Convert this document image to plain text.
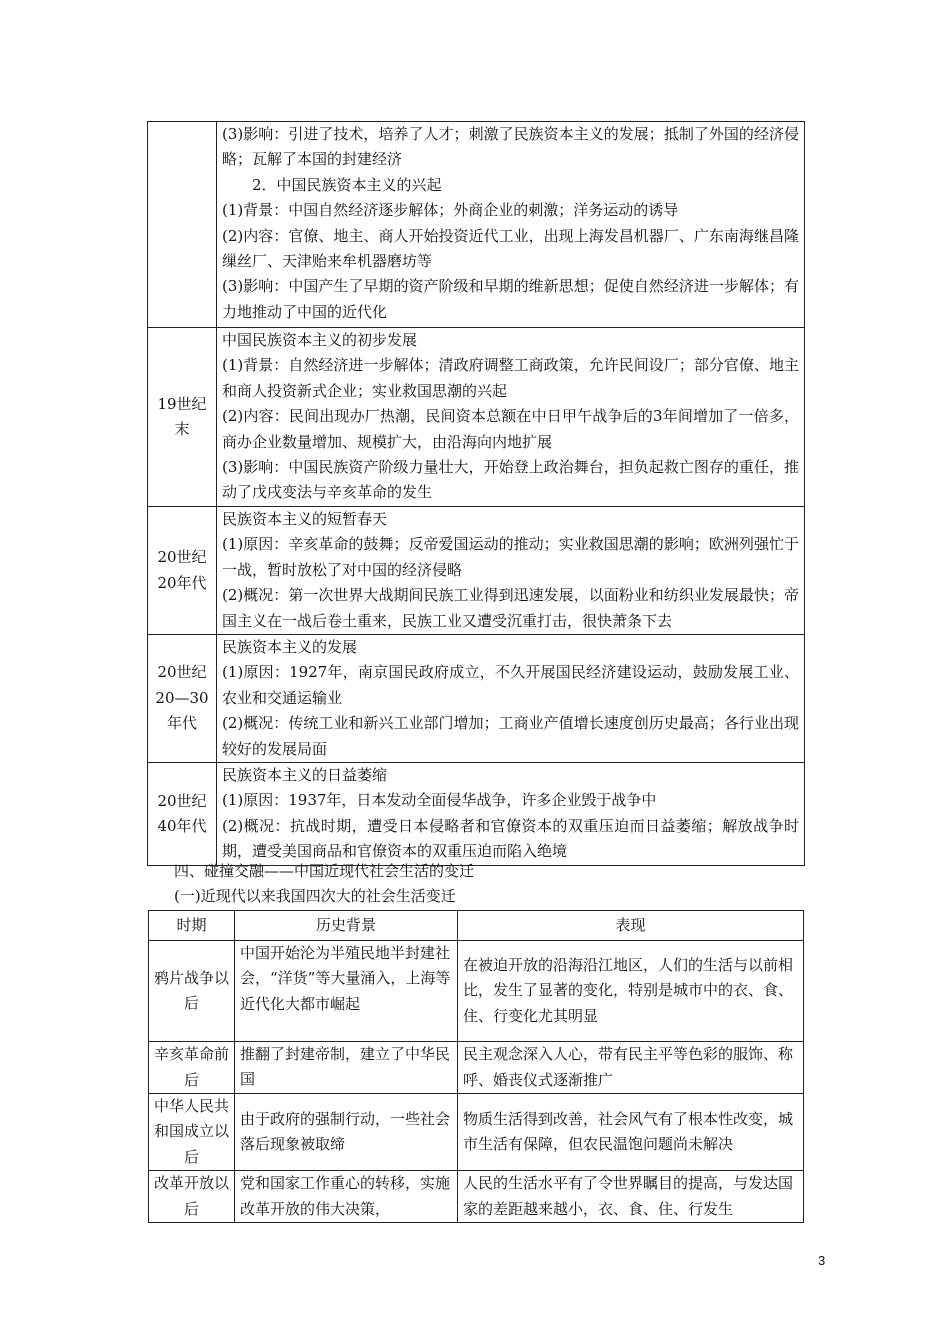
	(3)影响：引进了技术，培养了人才；刺激了民族资本主义的发展；抵制了外国的经济侵略；瓦解了本国的封建经济
2．中国民族资本主义的兴起
(1)背景：中国自然经济逐步解体；外商企业的刺激；洋务运动的诱导
(2)内容：官僚、地主、商人开始投资近代工业，出现上海发昌机器厂、广东南海继昌隆缫丝厂、天津贻来牟机器磨坊等
(3)影响：中国产生了早期的资产阶级和早期的维新思想；促使自然经济进一步解体；有力地推动了中国的近代化

19世纪末	中国民族资本主义的初步发展
(1)背景：自然经济进一步解体；清政府调整工商政策，允许民间设厂；部分官僚、地主和商人投资新式企业；实业救国思潮的兴起
(2)内容：民间出现办厂热潮，民间资本总额在中日甲午战争后的3年间增加了一倍多，商办企业数量增加、规模扩大，由沿海向内地扩展
(3)影响：中国民族资产阶级力量壮大，开始登上政治舞台，担负起救亡图存的重任，推动了戊戌变法与辛亥革命的发生

20世纪20年代	民族资本主义的短暂春天
(1)原因：辛亥革命的鼓舞；反帝爱国运动的推动；实业救国思潮的影响；欧洲列强忙于一战，暂时放松了对中国的经济侵略
(2)概况：第一次世界大战期间民族工业得到迅速发展，以面粉业和纺织业发展最快；帝国主义在一战后卷土重来，民族工业又遭受沉重打击，很快萧条下去

20世纪20—30年代	民族资本主义的发展
(1)原因：1927年，南京国民政府成立，不久开展国民经济建设运动，鼓励发展工业、农业和交通运输业
(2)概况：传统工业和新兴工业部门增加；工商业产值增长速度创历史最高；各行业出现较好的发展局面

20世纪40年代	民族资本主义的日益萎缩
(1)原因：1937年，日本发动全面侵华战争，许多企业毁于战争中
(2)概况：抗战时期，遭受日本侵略者和官僚资本的双重压迫而日益萎缩；解放战争时期，遭受美国商品和官僚资本的双重压迫而陷入绝境
四、碰撞交融——中国近现代社会生活的变迁
(一)近现代以来我国四次大的社会生活变迁
时期	历史背景	表现
鸦片战争以后	中国开始沦为半殖民地半封建社会，“洋货”等大量涌入，上海等近代化大都市崛起	在被迫开放的沿海沿江地区，人们的生活与以前相比，发生了显著的变化，特别是城市中的衣、食、住、行变化尤其明显
辛亥革命前后	推翻了封建帝制，建立了中华民国	民主观念深入人心，带有民主平等色彩的服饰、称呼、婚丧仪式逐渐推广
中华人民共和国成立以后	由于政府的强制行动，一些社会落后现象被取缔	物质生活得到改善，社会风气有了根本性改变，城市生活有保障，但农民温饱问题尚未解决
改革开放以后	党和国家工作重心的转移，实施改革开放的伟大决策，	人民的生活水平有了令世界瞩目的提高，与发达国家的差距越来越小，衣、食、住、行发生
3
